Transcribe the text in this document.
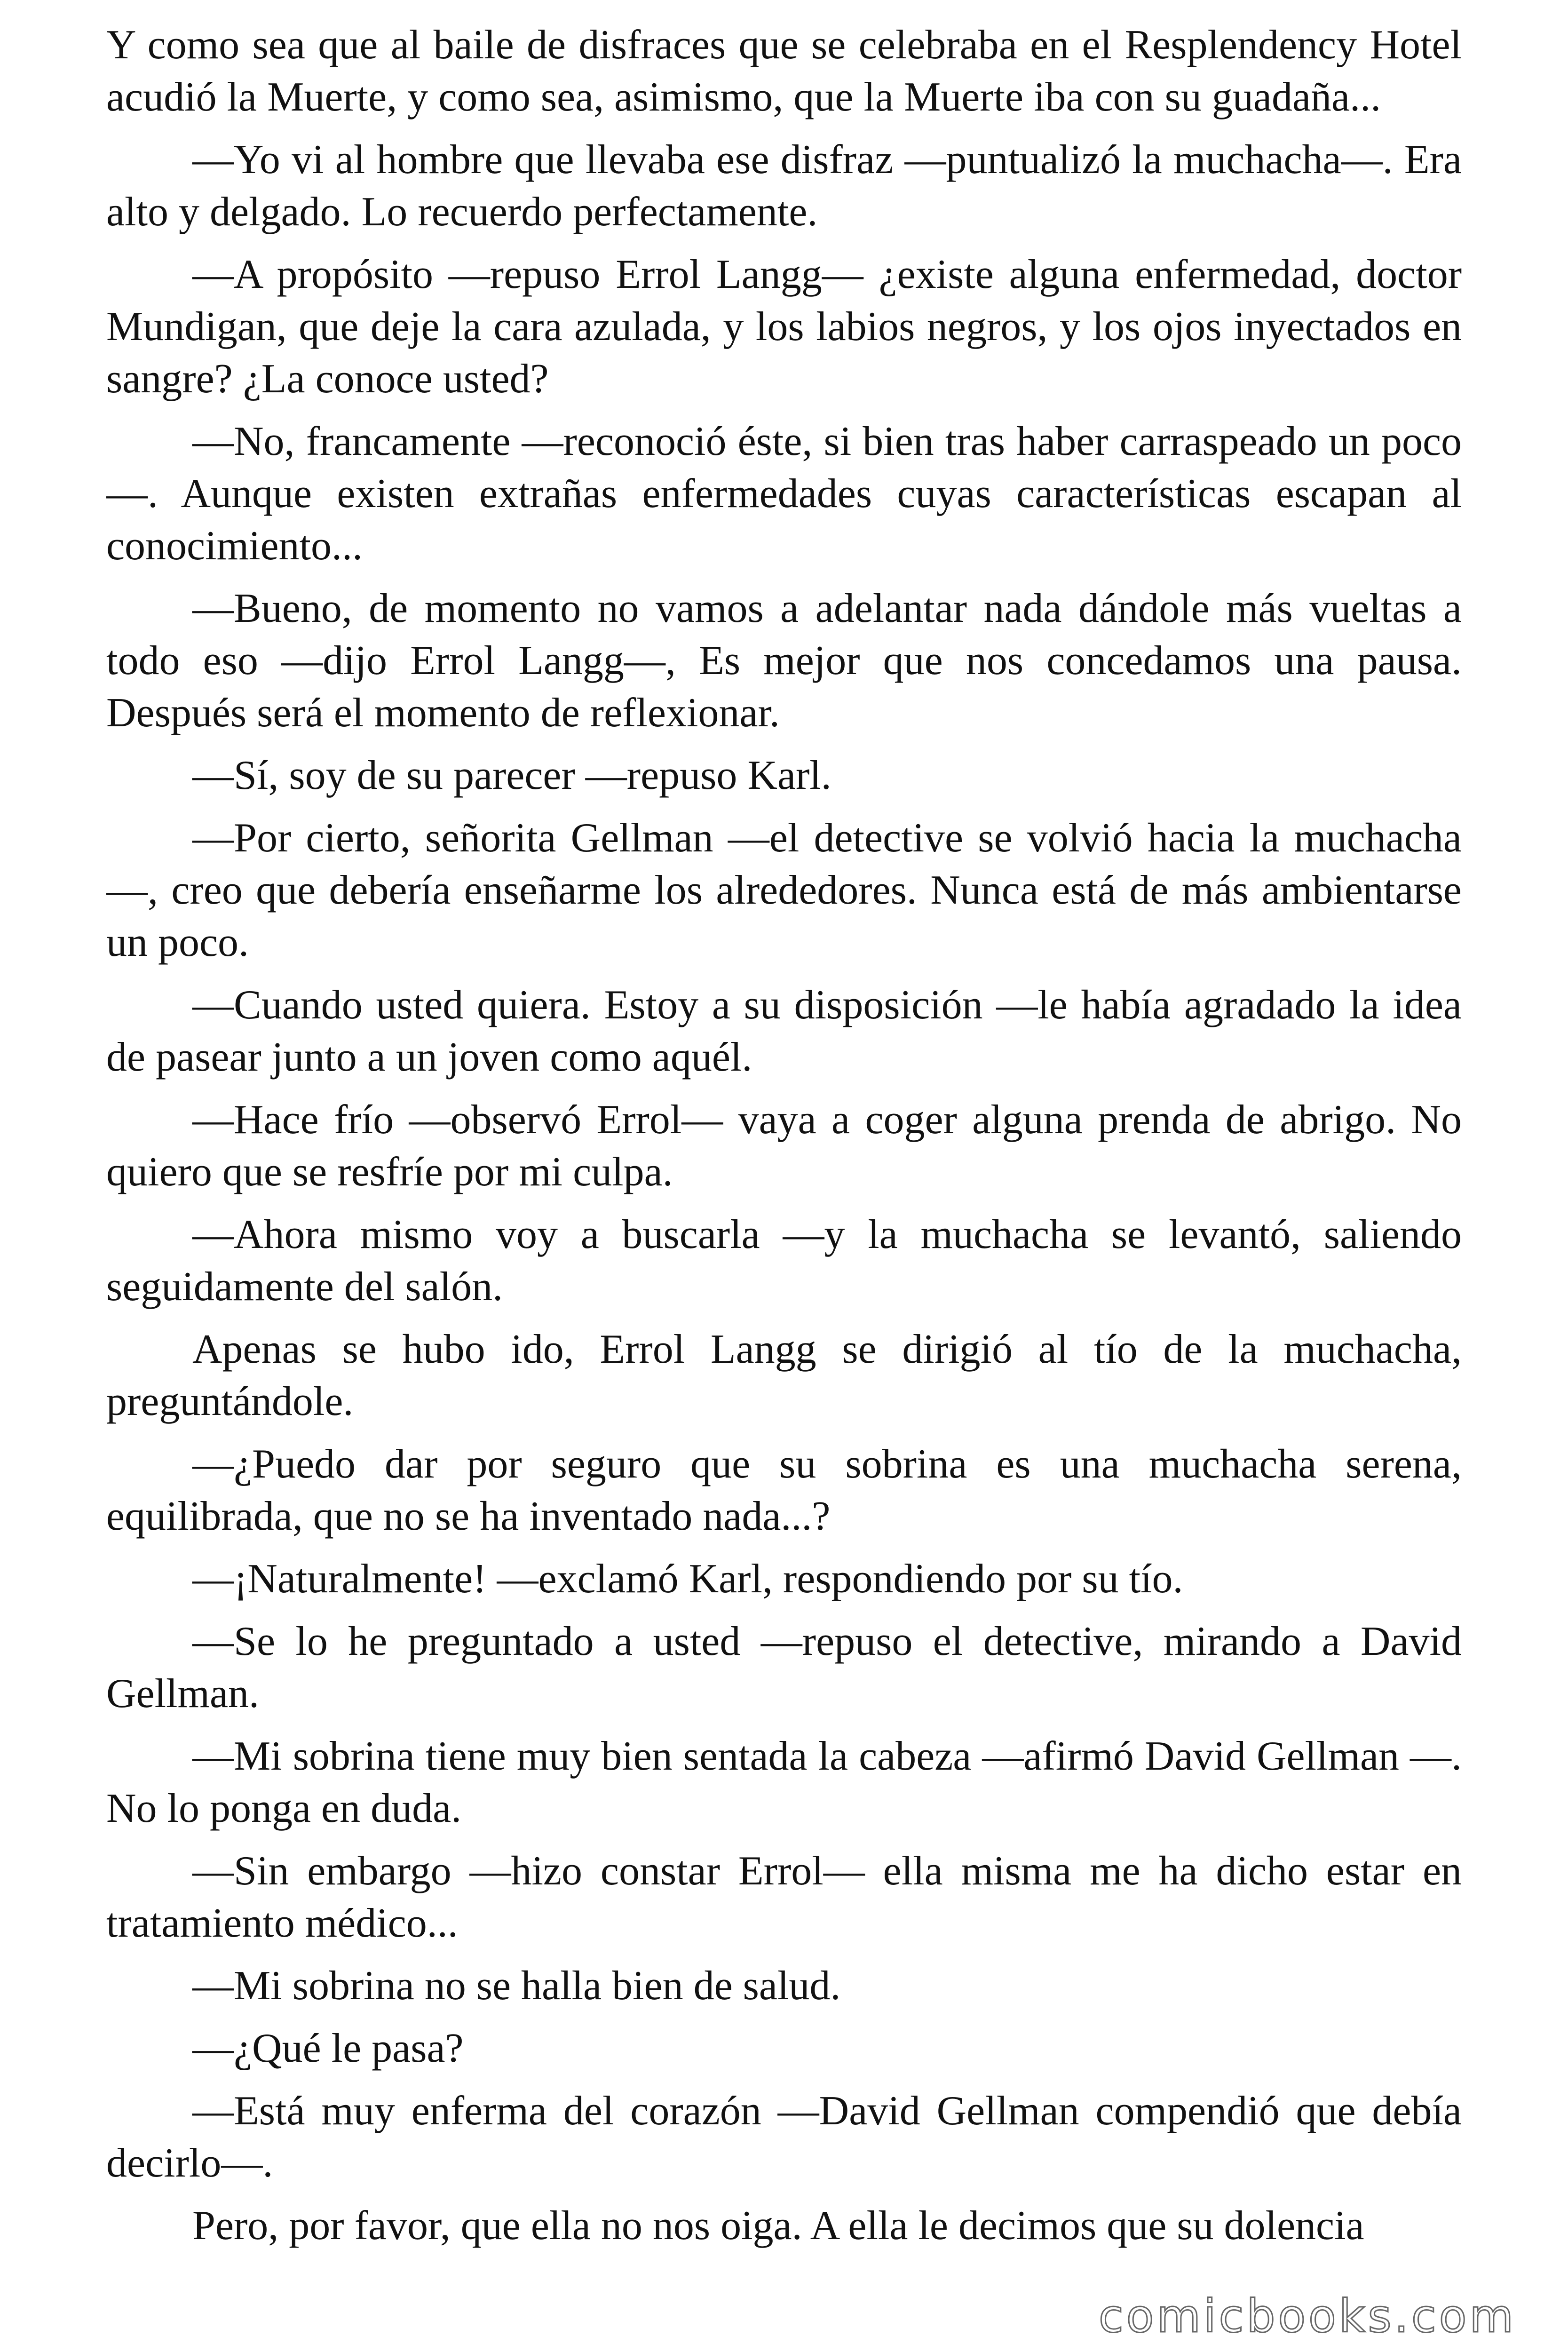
Y como sea que al baile de disfraces que se celebraba en el Resplendency Hotel acudió la Muerte, y como sea, asimismo, que la Muerte iba con su guadaña...

—Yo vi al hombre que llevaba ese disfraz —puntualizó la muchacha—. Era alto y delgado. Lo recuerdo perfectamente.

—A propósito —repuso Errol Langg— ¿existe alguna enfermedad, doctor Mundigan, que deje la cara azulada, y los labios negros, y los ojos inyectados en sangre? ¿La conoce usted?

—No, francamente —reconoció éste, si bien tras haber carraspeado un poco—. Aunque existen extrañas enfermedades cuyas características escapan al conocimiento...

—Bueno, de momento no vamos a adelantar nada dándole más vueltas a todo eso —dijo Errol Langg—, Es mejor que nos concedamos una pausa. Después será el momento de reflexionar.

—Sí, soy de su parecer —repuso Karl.

—Por cierto, señorita Gellman —el detective se volvió hacia la muchacha—, creo que debería enseñarme los alrededores. Nunca está de más ambientarse un poco.

—Cuando usted quiera. Estoy a su disposición —le había agradado la idea de pasear junto a un joven como aquél.

—Hace frío —observó Errol— vaya a coger alguna prenda de abrigo. No quiero que se resfríe por mi culpa.

—Ahora mismo voy a buscarla —y la muchacha se levantó, saliendo seguidamente del salón.

Apenas se hubo ido, Errol Langg se dirigió al tío de la muchacha, preguntándole.

—¿Puedo dar por seguro que su sobrina es una muchacha serena, equilibrada, que no se ha inventado nada...?

—¡Naturalmente! —exclamó Karl, respondiendo por su tío.

—Se lo he preguntado a usted —repuso el detective, mirando a David Gellman.

—Mi sobrina tiene muy bien sentada la cabeza —afirmó David Gellman —. No lo ponga en duda.

—Sin embargo —hizo constar Errol— ella misma me ha dicho estar en tratamiento médico...

—Mi sobrina no se halla bien de salud.

—¿Qué le pasa?

—Está muy enferma del corazón —David Gellman compendió que debía decirlo—.

Pero, por favor, que ella no nos oiga. A ella le decimos que su dolencia

comicbooks.com
